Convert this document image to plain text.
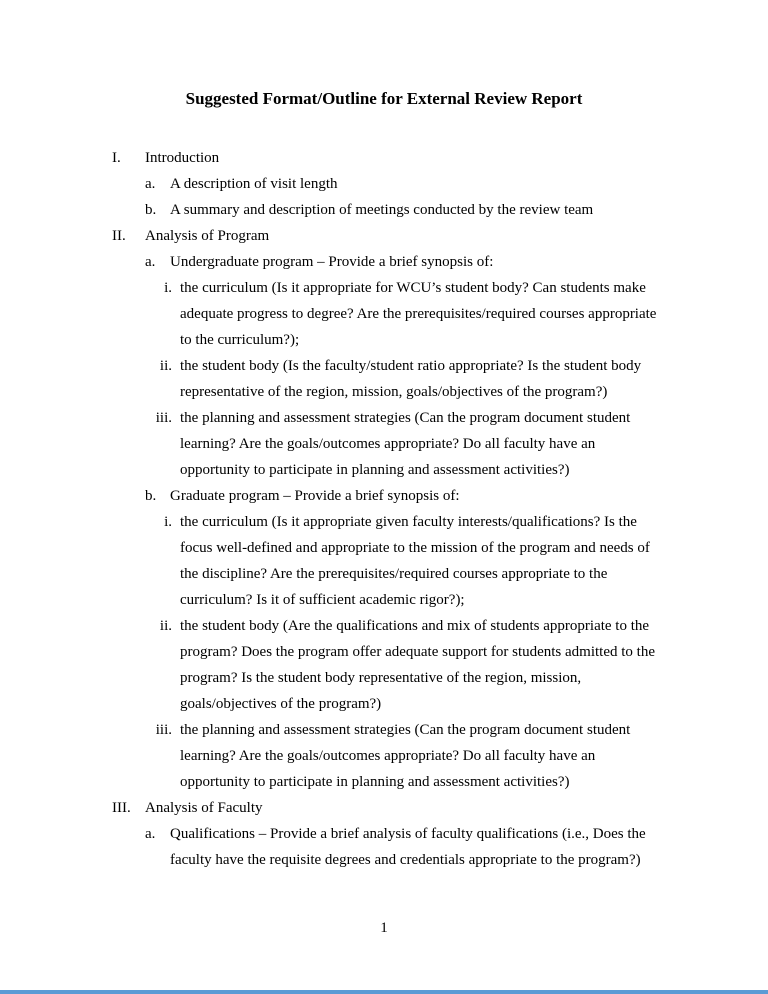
Suggested Format/Outline for External Review Report
I.	Introduction
a. A description of visit length
b. A summary and description of meetings conducted by the review team
II.	Analysis of Program
a. Undergraduate program – Provide a brief synopsis of:
i. the curriculum (Is it appropriate for WCU’s student body? Can students make adequate progress to degree? Are the prerequisites/required courses appropriate to the curriculum?);
ii. the student body (Is the faculty/student ratio appropriate? Is the student body representative of the region, mission, goals/objectives of the program?)
iii. the planning and assessment strategies (Can the program document student learning? Are the goals/outcomes appropriate? Do all faculty have an opportunity to participate in planning and assessment activities?)
b. Graduate program – Provide a brief synopsis of:
i. the curriculum (Is it appropriate given faculty interests/qualifications? Is the focus well-defined and appropriate to the mission of the program and needs of the discipline? Are the prerequisites/required courses appropriate to the curriculum? Is it of sufficient academic rigor?);
ii. the student body (Are the qualifications and mix of students appropriate to the program? Does the program offer adequate support for students admitted to the program? Is the student body representative of the region, mission, goals/objectives of the program?)
iii. the planning and assessment strategies (Can the program document student learning? Are the goals/outcomes appropriate? Do all faculty have an opportunity to participate in planning and assessment activities?)
III. Analysis of Faculty
a. Qualifications – Provide a brief analysis of faculty qualifications (i.e., Does the faculty have the requisite degrees and credentials appropriate to the program?)
1
